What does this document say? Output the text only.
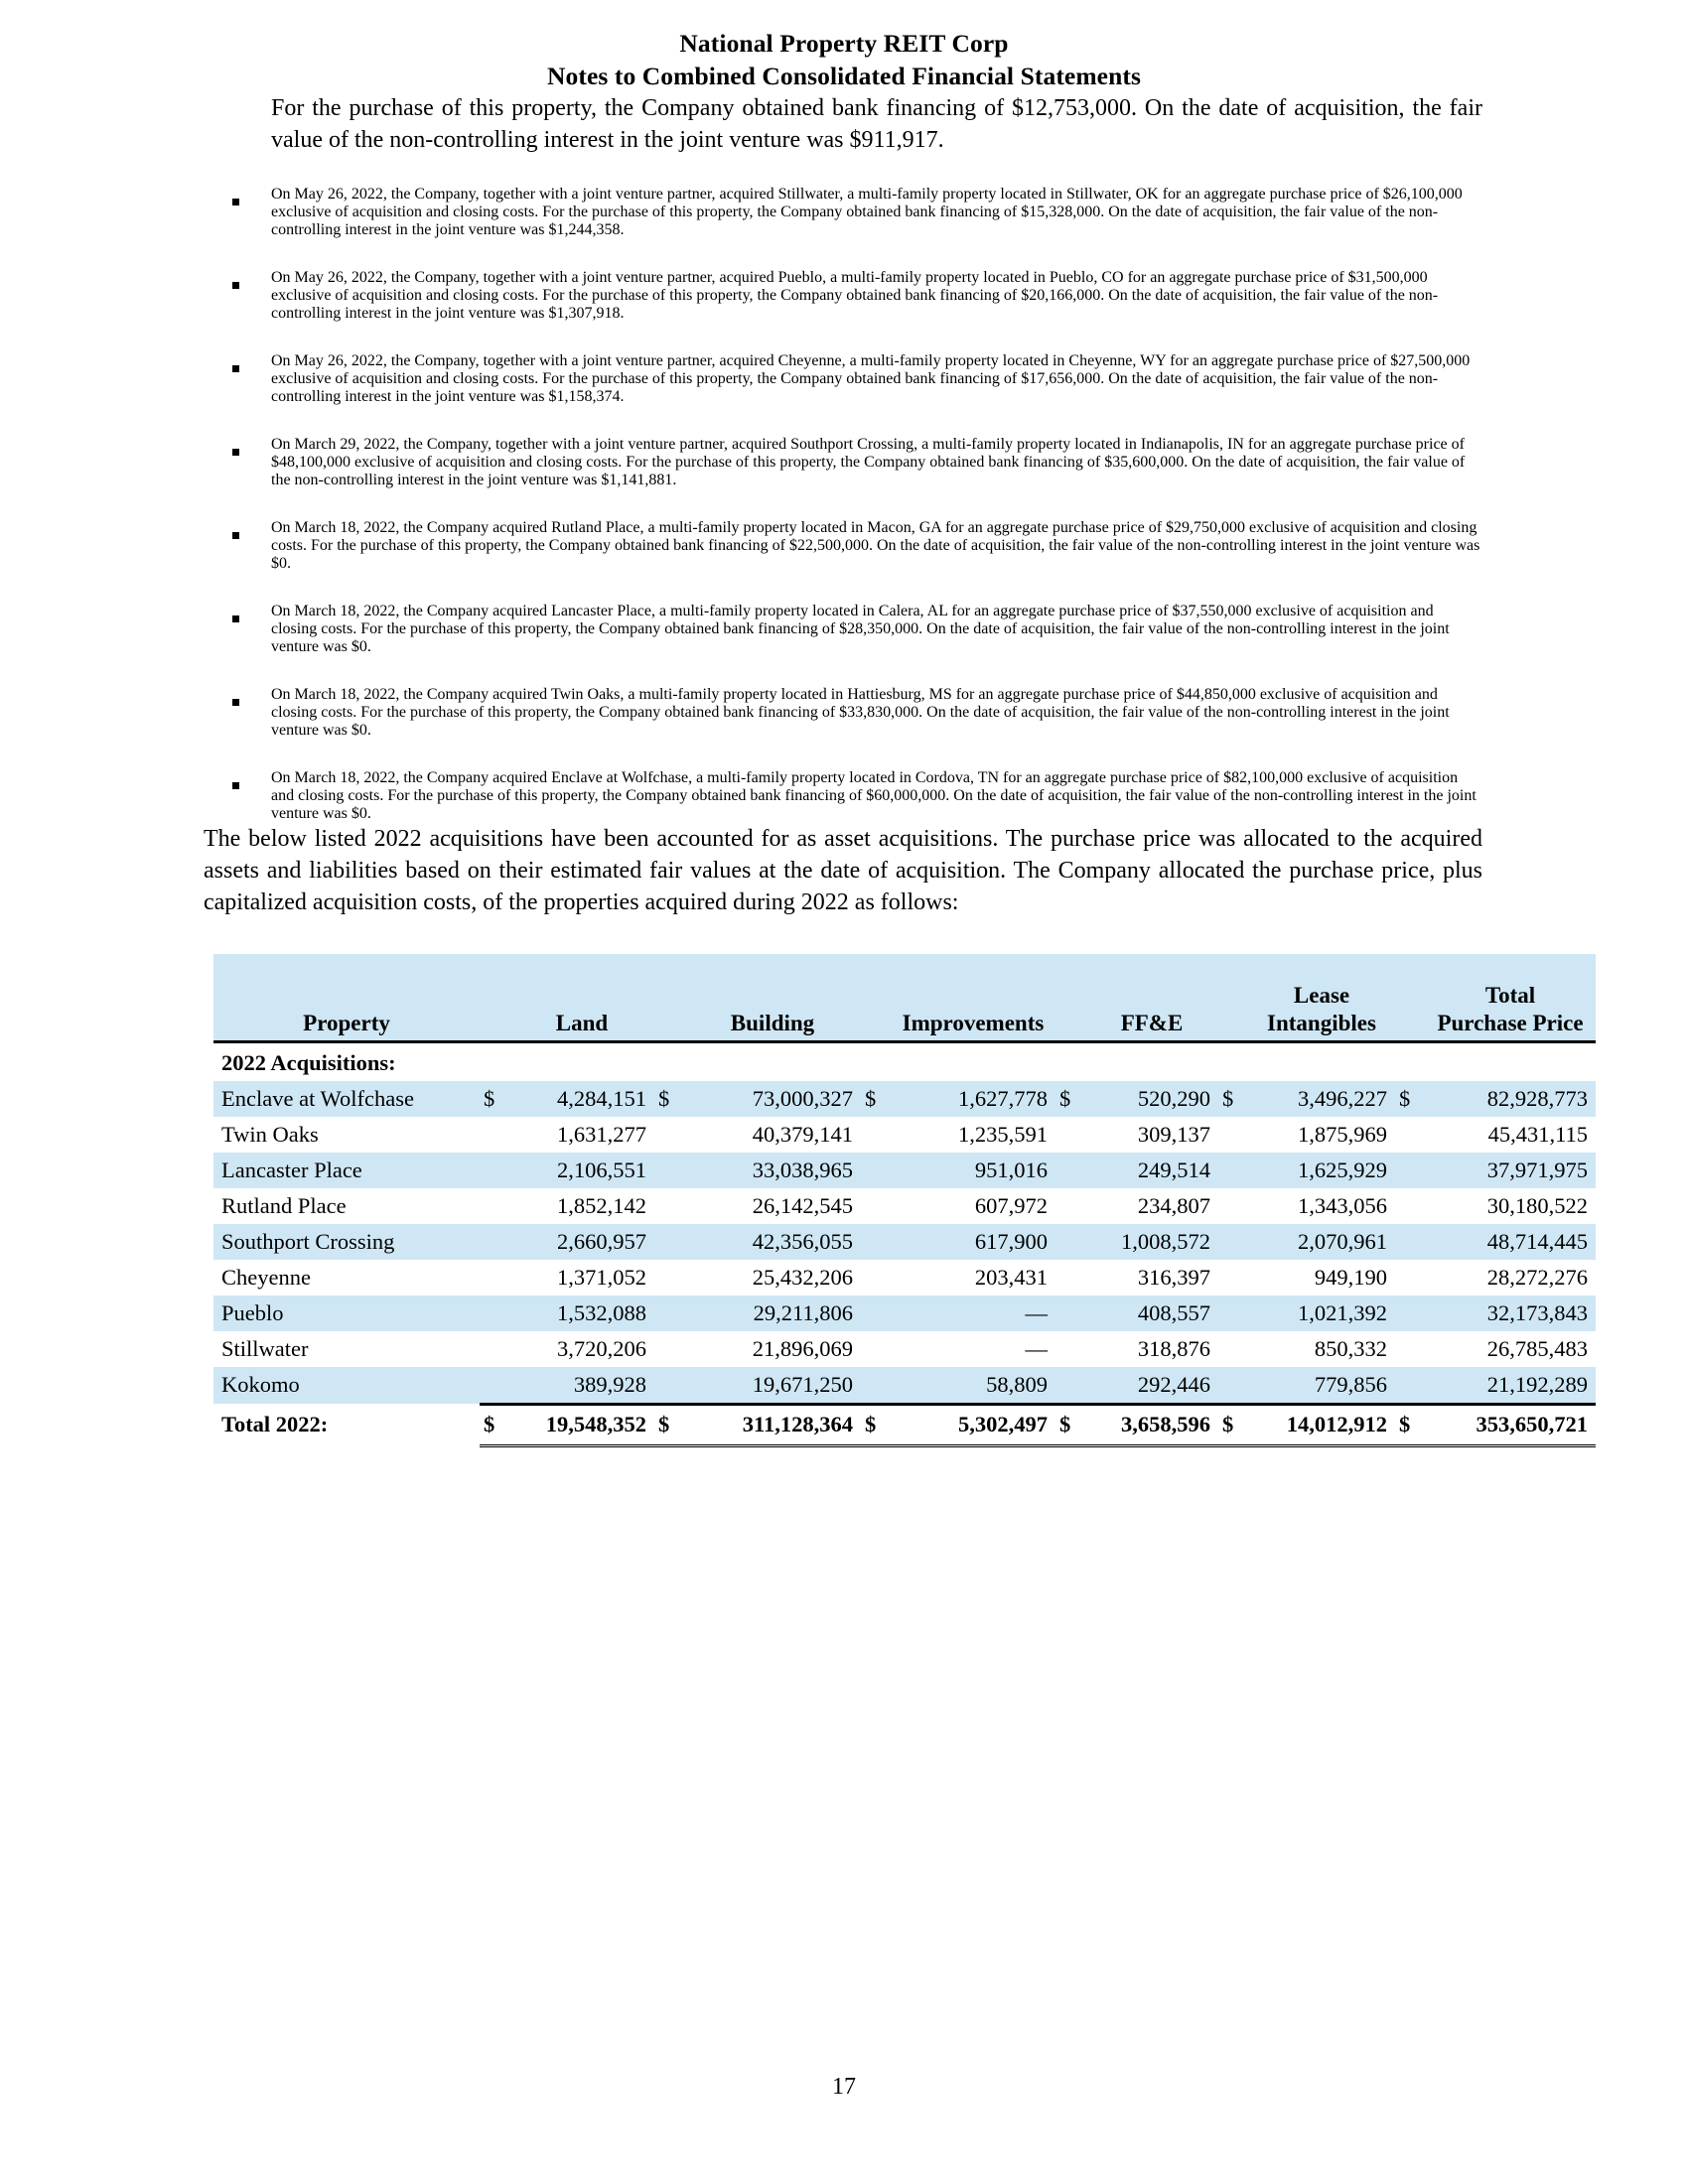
National Property REIT Corp
Notes to Combined Consolidated Financial Statements

For the purchase of this property, the Company obtained bank financing of $12,753,000. On the date of acquisition, the fair value of the non-controlling interest in the joint venture was $911,917.

On May 26, 2022, the Company, together with a joint venture partner, acquired Stillwater, a multi-family property located in Stillwater, OK for an aggregate purchase price of $26,100,000 exclusive of acquisition and closing costs. For the purchase of this property, the Company obtained bank financing of $15,328,000. On the date of acquisition, the fair value of the non-controlling interest in the joint venture was $1,244,358.
On May 26, 2022, the Company, together with a joint venture partner, acquired Pueblo, a multi-family property located in Pueblo, CO for an aggregate purchase price of $31,500,000 exclusive of acquisition and closing costs. For the purchase of this property, the Company obtained bank financing of $20,166,000. On the date of acquisition, the fair value of the non-controlling interest in the joint venture was $1,307,918.
On May 26, 2022, the Company, together with a joint venture partner, acquired Cheyenne, a multi-family property located in Cheyenne, WY for an aggregate purchase price of $27,500,000 exclusive of acquisition and closing costs. For the purchase of this property, the Company obtained bank financing of $17,656,000. On the date of acquisition, the fair value of the non-controlling interest in the joint venture was $1,158,374.
On March 29, 2022, the Company, together with a joint venture partner, acquired Southport Crossing, a multi-family property located in Indianapolis, IN for an aggregate purchase price of $48,100,000 exclusive of acquisition and closing costs. For the purchase of this property, the Company obtained bank financing of $35,600,000. On the date of acquisition, the fair value of the non-controlling interest in the joint venture was $1,141,881.
On March 18, 2022, the Company acquired Rutland Place, a multi-family property located in Macon, GA for an aggregate purchase price of $29,750,000 exclusive of acquisition and closing costs. For the purchase of this property, the Company obtained bank financing of $22,500,000. On the date of acquisition, the fair value of the non-controlling interest in the joint venture was $0.
On March 18, 2022, the Company acquired Lancaster Place, a multi-family property located in Calera, AL for an aggregate purchase price of $37,550,000 exclusive of acquisition and closing costs. For the purchase of this property, the Company obtained bank financing of $28,350,000. On the date of acquisition, the fair value of the non-controlling interest in the joint venture was $0.
On March 18, 2022, the Company acquired Twin Oaks, a multi-family property located in Hattiesburg, MS for an aggregate purchase price of $44,850,000 exclusive of acquisition and closing costs. For the purchase of this property, the Company obtained bank financing of $33,830,000. On the date of acquisition, the fair value of the non-controlling interest in the joint venture was $0.
On March 18, 2022, the Company acquired Enclave at Wolfchase, a multi-family property located in Cordova, TN for an aggregate purchase price of $82,100,000 exclusive of acquisition and closing costs. For the purchase of this property, the Company obtained bank financing of $60,000,000. On the date of acquisition, the fair value of the non-controlling interest in the joint venture was $0.

The below listed 2022 acquisitions have been accounted for as asset acquisitions. The purchase price was allocated to the acquired assets and liabilities based on their estimated fair values at the date of acquisition. The Company allocated the purchase price, plus capitalized acquisition costs, of the properties acquired during 2022 as follows:

Property		Land		Building		Improvements		FF&E		Lease
Intangibles		Total
Purchase Price
2022 Acquisitions:												
Enclave at Wolfchase	$	4,284,151	$	73,000,327	$	1,627,778	$	520,290	$	3,496,227	$	82,928,773
Twin Oaks		1,631,277		40,379,141		1,235,591		309,137		1,875,969		45,431,115
Lancaster Place		2,106,551		33,038,965		951,016		249,514		1,625,929		37,971,975
Rutland Place		1,852,142		26,142,545		607,972		234,807		1,343,056		30,180,522
Southport Crossing		2,660,957		42,356,055		617,900		1,008,572		2,070,961		48,714,445
Cheyenne		1,371,052		25,432,206		203,431		316,397		949,190		28,272,276
Pueblo		1,532,088		29,211,806		—		408,557		1,021,392		32,173,843
Stillwater		3,720,206		21,896,069		—		318,876		850,332		26,785,483
Kokomo		389,928		19,671,250		58,809		292,446		779,856		21,192,289
Total 2022:	$	19,548,352	$	311,128,364	$	5,302,497	$	3,658,596	$	14,012,912	$	353,650,721
17
